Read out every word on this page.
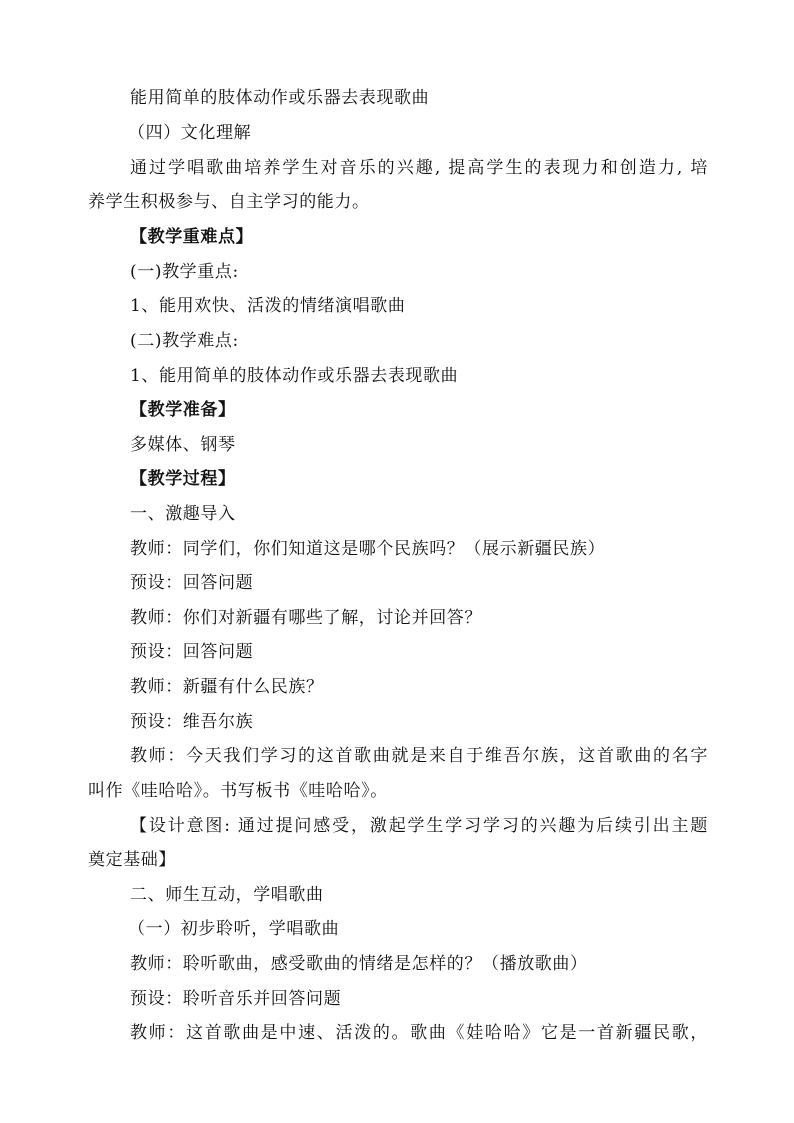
能用简单的肢体动作或乐器去表现歌曲
（四）文化理解
通过学唱歌曲培养学生对音乐的兴趣, 提高学生的表现力和创造力, 培
养学生积极参与、自主学习的能力。
【教学重难点】
(一)教学重点:
1、能用欢快、活泼的情绪演唱歌曲
(二)教学难点:
1、能用简单的肢体动作或乐器去表现歌曲
【教学准备】
多媒体、钢琴
【教学过程】
一、激趣导入
教师：同学们，你们知道这是哪个民族吗？（展示新疆民族）
预设：回答问题
教师：你们对新疆有哪些了解，讨论并回答？
预设：回答问题
教师：新疆有什么民族？
预设：维吾尔族
教师：今天我们学习的这首歌曲就是来自于维吾尔族，这首歌曲的名字
叫作《哇哈哈》。书写板书《哇哈哈》。
【设计意图: 通过提问感受，激起学生学习学习的兴趣为后续引出主题
奠定基础】
二、师生互动，学唱歌曲
（一）初步聆听，学唱歌曲
教师：聆听歌曲，感受歌曲的情绪是怎样的？（播放歌曲）
预设：聆听音乐并回答问题
教师：这首歌曲是中速、活泼的。歌曲《娃哈哈》它是一首新疆民歌，
